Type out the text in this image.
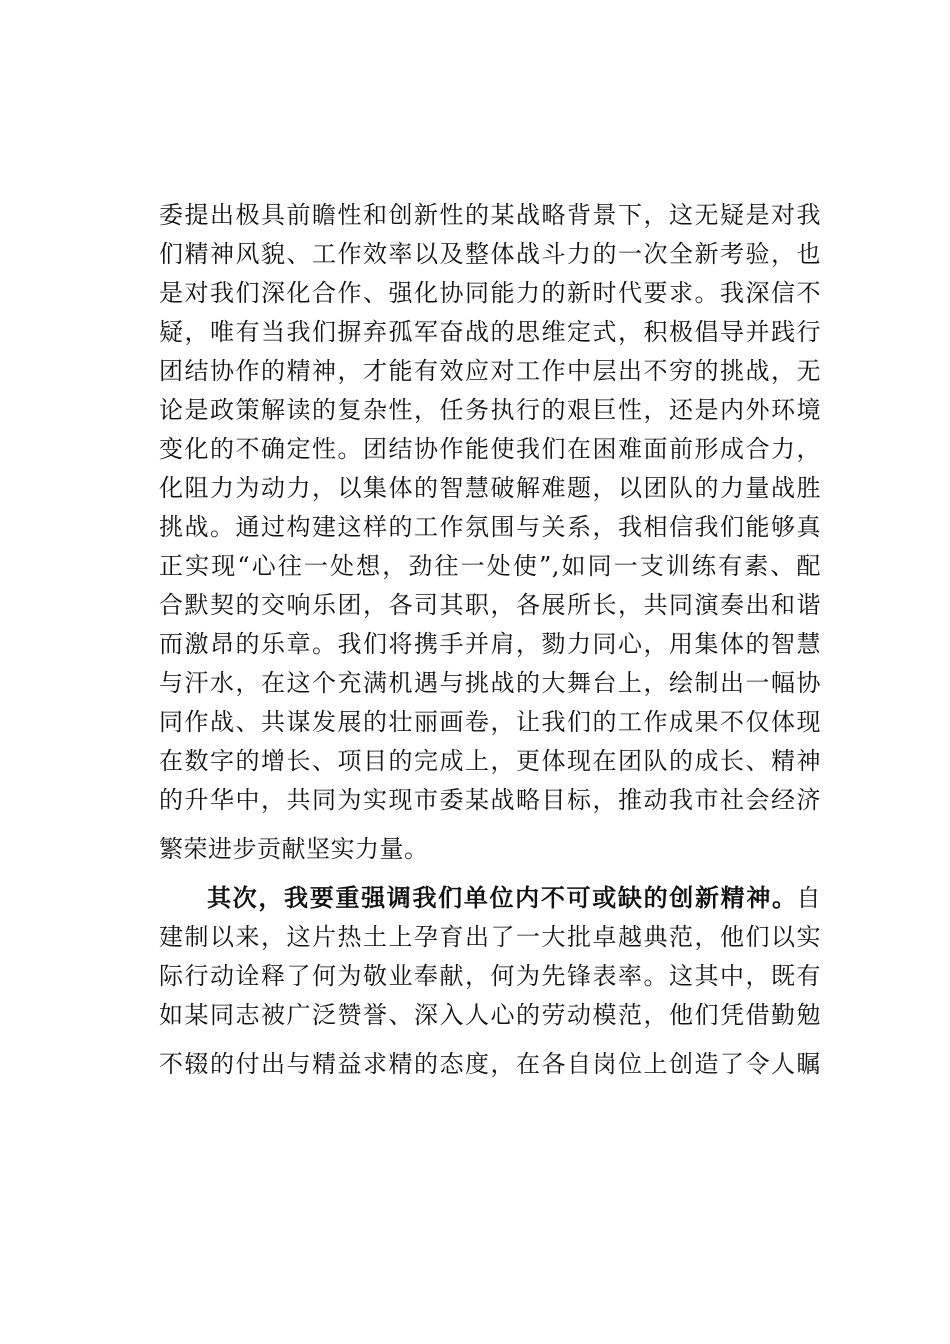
委提出极具前瞻性和创新性的某战略背景下，这无疑是对我
们精神风貌、工作效率以及整体战斗力的一次全新考验，也
是对我们深化合作、强化协同能力的新时代要求。我深信不
疑，唯有当我们摒弃孤军奋战的思维定式，积极倡导并践行
团结协作的精神，才能有效应对工作中层出不穷的挑战，无
论是政策解读的复杂性，任务执行的艰巨性，还是内外环境
变化的不确定性。团结协作能使我们在困难面前形成合力，
化阻力为动力，以集体的智慧破解难题，以团队的力量战胜
挑战。通过构建这样的工作氛围与关系，我相信我们能够真
正实现“心往一处想，劲往一处使”,如同一支训练有素、配
合默契的交响乐团，各司其职，各展所长，共同演奏出和谐
而激昂的乐章。我们将携手并肩，勠力同心，用集体的智慧
与汗水，在这个充满机遇与挑战的大舞台上，绘制出一幅协
同作战、共谋发展的壮丽画卷，让我们的工作成果不仅体现
在数字的增长、项目的完成上，更体现在团队的成长、精神
的升华中，共同为实现市委某战略目标，推动我市社会经济
繁荣进步贡献坚实力量。
其次，我要重强调我们单位内不可或缺的创新精神。 自
建制以来，这片热土上孕育出了一大批卓越典范，他们以实
际行动诠释了何为敬业奉献，何为先锋表率。这其中，既有
如某同志被广泛赞誉、深入人心的劳动模范，他们凭借勤勉
不辍的付出与精益求精的态度，在各自岗位上创造了令人瞩
